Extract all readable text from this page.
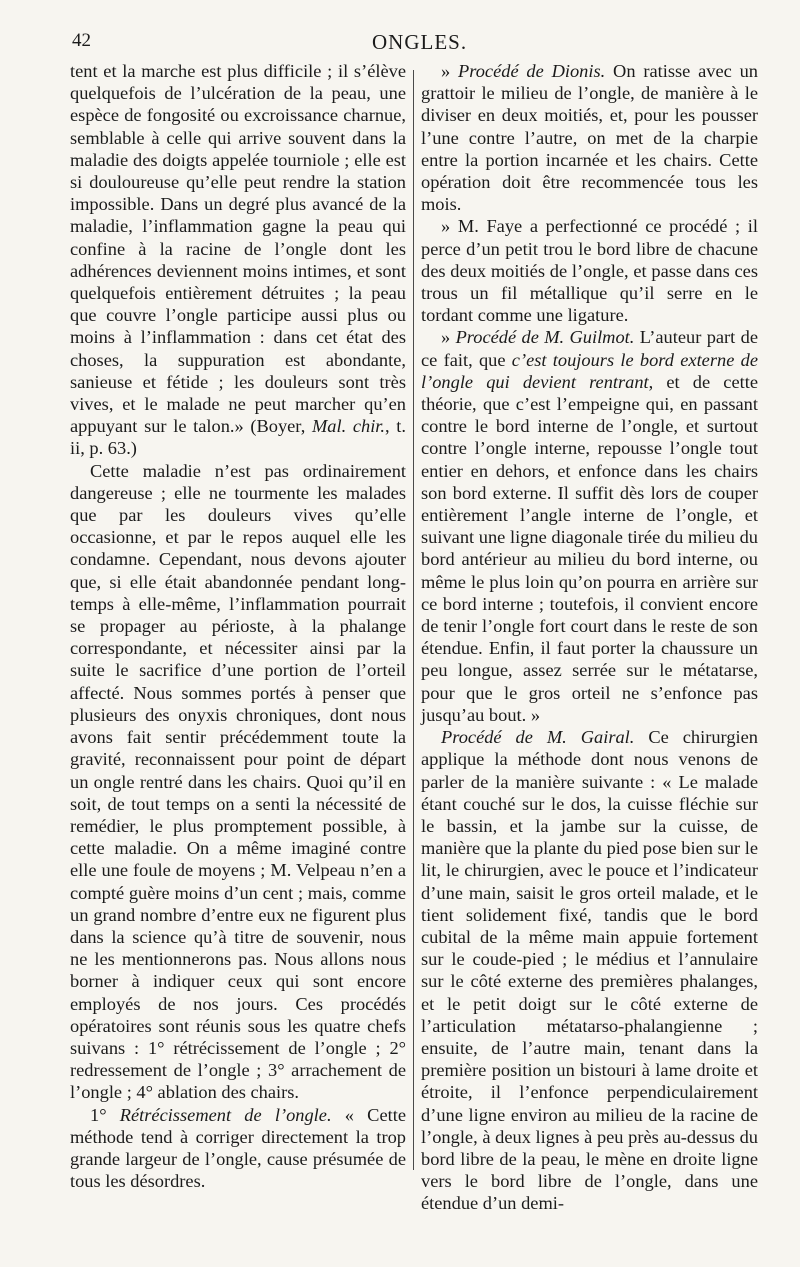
42	ONGLES.

tent et la marche est plus difficile ; il s’élève quelquefois de l’ulcération de la peau, une espèce de fongosité ou excroissance charnue, semblable à celle qui arrive souvent dans la maladie des doigts appelée tourniole ; elle est si douloureuse qu’elle peut rendre la station impossible. Dans un degré plus avancé de la maladie, l’inflammation gagne la peau qui confine à la racine de l’ongle dont les adhérences deviennent moins intimes, et sont quelquefois entièrement détruites ; la peau que couvre l’ongle participe aussi plus ou moins à l’inflammation : dans cet état des choses, la suppuration est abondante, sanieuse et fétide ; les douleurs sont très vives, et le malade ne peut marcher qu’en appuyant sur le talon.» (Boyer, Mal. chir., t. ii, p. 63.)

Cette maladie n’est pas ordinairement dangereuse ; elle ne tourmente les malades que par les douleurs vives qu’elle occasionne, et par le repos auquel elle les condamne. Cependant, nous devons ajouter que, si elle était abandonnée pendant long-temps à elle-même, l’inflammation pourrait se propager au périoste, à la phalange correspondante, et nécessiter ainsi par la suite le sacrifice d’une portion de l’orteil affecté. Nous sommes portés à penser que plusieurs des onyxis chroniques, dont nous avons fait sentir précédemment toute la gravité, reconnaissent pour point de départ un ongle rentré dans les chairs. Quoi qu’il en soit, de tout temps on a senti la nécessité de remédier, le plus promptement possible, à cette maladie. On a même imaginé contre elle une foule de moyens ; M. Velpeau n’en a compté guère moins d’un cent ; mais, comme un grand nombre d’entre eux ne figurent plus dans la science qu’à titre de souvenir, nous ne les mentionnerons pas. Nous allons nous borner à indiquer ceux qui sont encore employés de nos jours. Ces procédés opératoires sont réunis sous les quatre chefs suivans : 1° rétrécissement de l’ongle ; 2° redressement de l’ongle ; 3° arrachement de l’ongle ; 4° ablation des chairs.

1° Rétrécissement de l’ongle. « Cette méthode tend à corriger directement la trop grande largeur de l’ongle, cause présumée de tous les désordres.

» Procédé de Dionis. On ratisse avec un grattoir le milieu de l’ongle, de manière à le diviser en deux moitiés, et, pour les pousser l’une contre l’autre, on met de la charpie entre la portion incarnée et les chairs. Cette opération doit être recommencée tous les mois.

» M. Faye a perfectionné ce procédé ; il perce d’un petit trou le bord libre de chacune des deux moitiés de l’ongle, et passe dans ces trous un fil métallique qu’il serre en le tordant comme une ligature.

» Procédé de M. Guilmot. L’auteur part de ce fait, que c’est toujours le bord externe de l’ongle qui devient rentrant, et de cette théorie, que c’est l’empeigne qui, en passant contre le bord interne de l’ongle, et surtout contre l’ongle interne, repousse l’ongle tout entier en dehors, et enfonce dans les chairs son bord externe. Il suffit dès lors de couper entièrement l’angle interne de l’ongle, et suivant une ligne diagonale tirée du milieu du bord antérieur au milieu du bord interne, ou même le plus loin qu’on pourra en arrière sur ce bord interne ; toutefois, il convient encore de tenir l’ongle fort court dans le reste de son étendue. Enfin, il faut porter la chaussure un peu longue, assez serrée sur le métatarse, pour que le gros orteil ne s’enfonce pas jusqu’au bout. »

Procédé de M. Gairal. Ce chirurgien applique la méthode dont nous venons de parler de la manière suivante : « Le malade étant couché sur le dos, la cuisse fléchie sur le bassin, et la jambe sur la cuisse, de manière que la plante du pied pose bien sur le lit, le chirurgien, avec le pouce et l’indicateur d’une main, saisit le gros orteil malade, et le tient solidement fixé, tandis que le bord cubital de la même main appuie fortement sur le coude-pied ; le médius et l’annulaire sur le côté externe des premières phalanges, et le petit doigt sur le côté externe de l’articulation métatarso-phalangienne ; ensuite, de l’autre main, tenant dans la première position un bistouri à lame droite et étroite, il l’enfonce perpendiculairement d’une ligne environ au milieu de la racine de l’ongle, à deux lignes à peu près au-dessus du bord libre de la peau, le mène en droite ligne vers le bord libre de l’ongle, dans une étendue d’un demi-
